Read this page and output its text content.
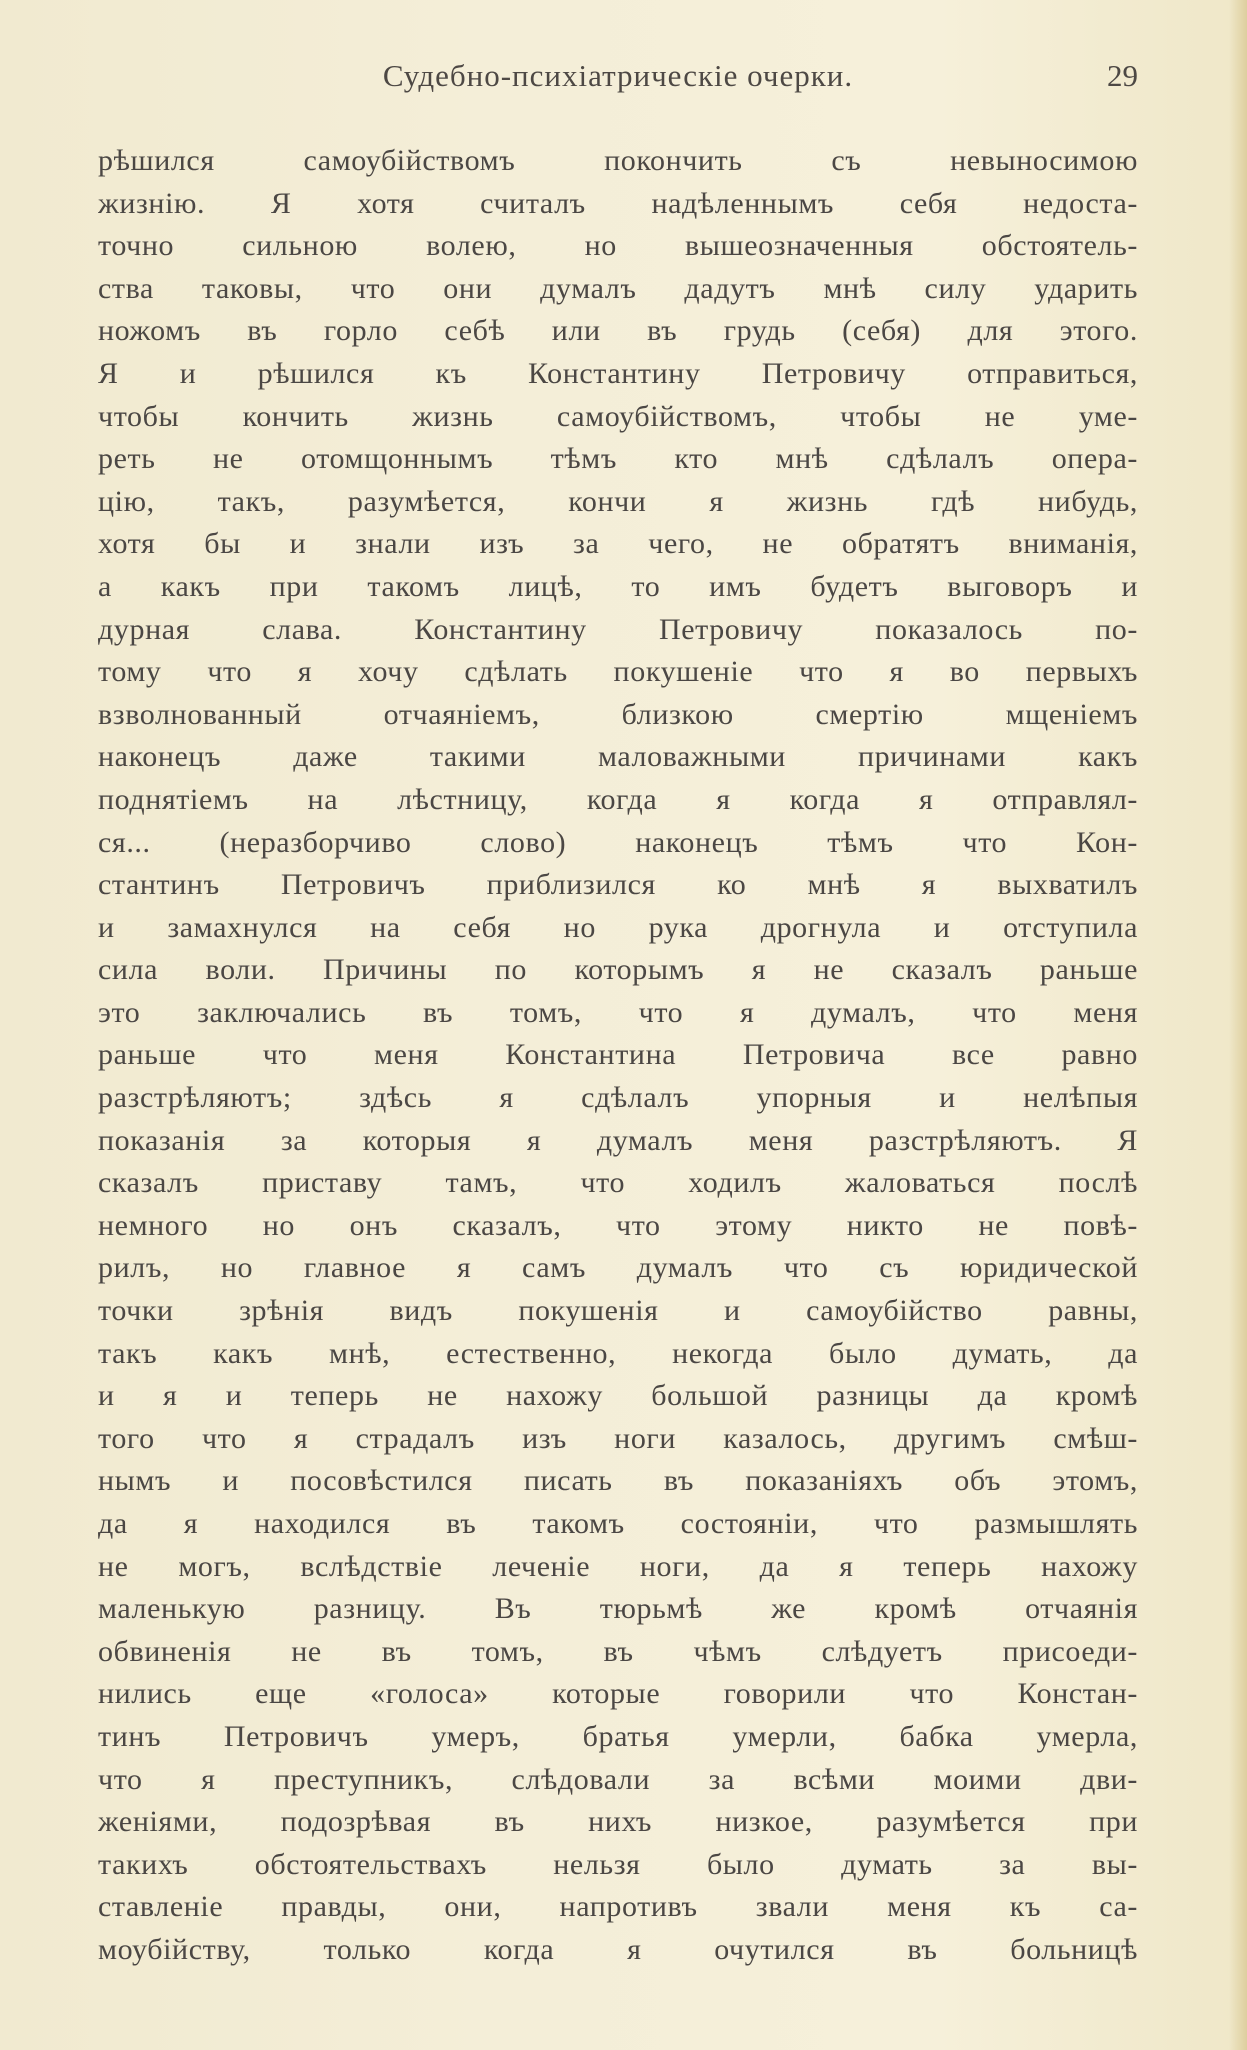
Судебно-психiатрическiе очерки.	29
рѣшился самоубiйствомъ покончить съ невыносимою
жизнiю. Я хотя считалъ надѣленнымъ себя недоста-
точно сильною волею, но вышеозначенныя обстоятель-
ства таковы, что они думалъ дадутъ мнѣ силу ударить
ножомъ въ горло себѣ или въ грудь (себя) для этого.
Я и рѣшился къ Константину Петровичу отправиться,
чтобы кончить жизнь самоубiйствомъ, чтобы не уме-
реть не отомщоннымъ тѣмъ кто мнѣ сдѣлалъ опера-
цiю, такъ, разумѣется, кончи я жизнь гдѣ нибудь,
хотя бы и знали изъ за чего, не обратятъ вниманiя,
а какъ при такомъ лицѣ, то имъ будетъ выговоръ и
дурная слава. Константину Петровичу показалось по-
тому что я хочу сдѣлать покушенiе что я во первыхъ
взволнованный отчаянiемъ, близкою смертiю мщенiемъ
наконецъ даже такими маловажными причинами какъ
поднятiемъ на лѣстницу, когда я когда я отправлял-
ся... (неразборчиво слово) наконецъ тѣмъ что Кон-
стантинъ Петровичъ приблизился ко мнѣ я выхватилъ
и замахнулся на себя но рука дрогнула и отступила
сила воли. Причины по которымъ я не сказалъ раньше
это заключались въ томъ, что я думалъ, что меня
раньше что меня Константина Петровича все равно
разстрѣляютъ; здѣсь я сдѣлалъ упорныя и нелѣпыя
показанiя за которыя я думалъ меня разстрѣляютъ. Я
сказалъ приставу тамъ, что ходилъ жаловаться послѣ
немного но онъ сказалъ, что этому никто не повѣ-
рилъ, но главное я самъ думалъ что съ юридической
точки зрѣнiя видъ покушенiя и самоубiйство равны,
такъ какъ мнѣ, естественно, некогда было думать, да
и я и теперь не нахожу большой разницы да кромѣ
того что я страдалъ изъ ноги казалось, другимъ смѣш-
нымъ и посовѣстился писать въ показанiяхъ объ этомъ,
да я находился въ такомъ состоянiи, что размышлять
не могъ, вслѣдствiе леченiе ноги, да я теперь нахожу
маленькую разницу. Въ тюрьмѣ же кромѣ отчаянiя
обвиненiя не въ томъ, въ чѣмъ слѣдуетъ присоеди-
нились еще «голоса» которые говорили что Констан-
тинъ Петровичъ умеръ, братья умерли, бабка умерла,
что я преступникъ, слѣдовали за всѣми моими дви-
женiями, подозрѣвая въ нихъ низкое, разумѣется при
такихъ обстоятельствахъ нельзя было думать за вы-
ставленiе правды, они, напротивъ звали меня къ са-
моубiйству, только когда я очутился въ больницѣ
